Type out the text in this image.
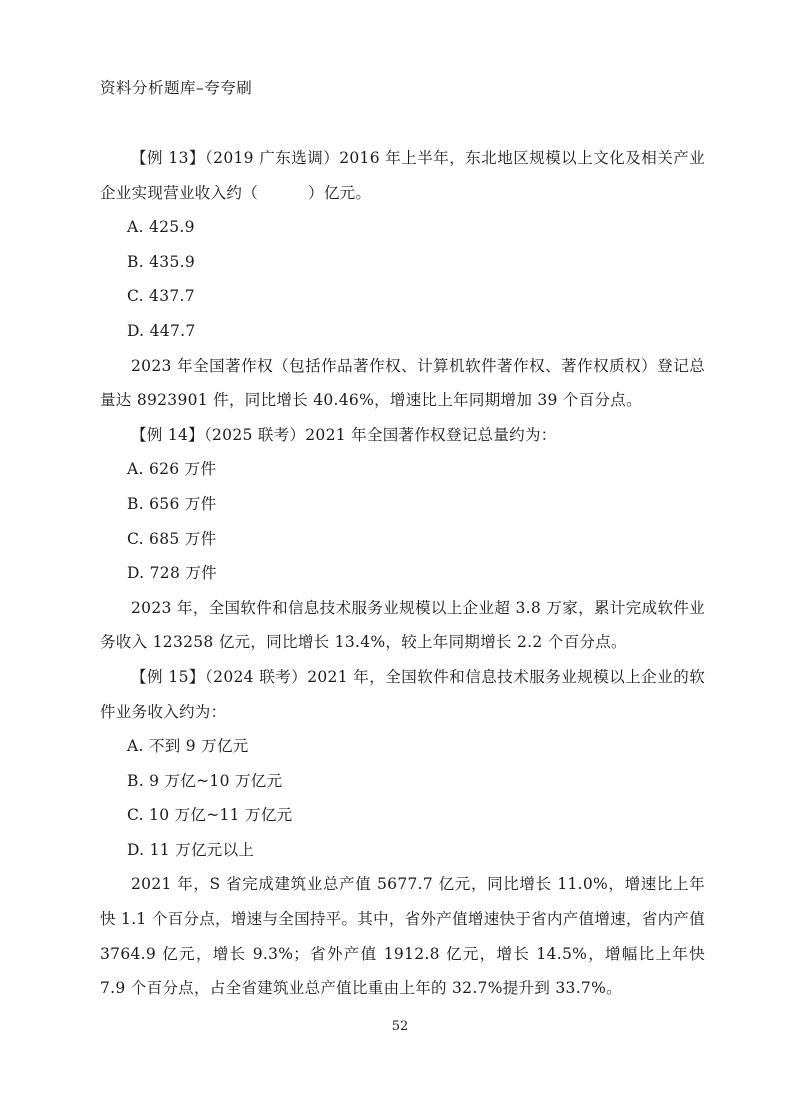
资料分析题库–夸夸刷

【例 13】（2019 广东选调）2016 年上半年，东北地区规模以上文化及相关产业企业实现营业收入约（	）亿元。

A. 425.9

B. 435.9

C. 437.7

D. 447.7

2023 年全国著作权（包括作品著作权、计算机软件著作权、著作权质权）登记总量达 8923901 件，同比增长 40.46%，增速比上年同期增加 39 个百分点。

【例 14】（2025 联考）2021 年全国著作权登记总量约为：

A. 626 万件

B. 656 万件

C. 685 万件

D. 728 万件

2023 年，全国软件和信息技术服务业规模以上企业超 3.8 万家，累计完成软件业务收入 123258 亿元，同比增长 13.4%，较上年同期增长 2.2 个百分点。

【例 15】（2024 联考）2021 年，全国软件和信息技术服务业规模以上企业的软件业务收入约为：

A. 不到 9 万亿元

B. 9 万亿~10 万亿元

C. 10 万亿~11 万亿元

D. 11 万亿元以上

2021 年，S 省完成建筑业总产值 5677.7 亿元，同比增长 11.0%，增速比上年快 1.1 个百分点，增速与全国持平。其中，省外产值增速快于省内产值增速，省内产值 3764.9 亿元，增长 9.3%；省外产值 1912.8 亿元，增长 14.5%，增幅比上年快 7.9 个百分点，占全省建筑业总产值比重由上年的 32.7%提升到 33.7%。

52
